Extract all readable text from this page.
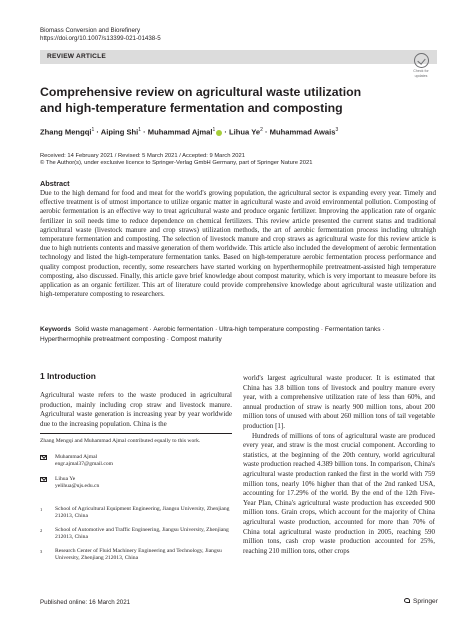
Biomass Conversion and Biorefinery
https://doi.org/10.1007/s13399-021-01438-5
REVIEW ARTICLE
Check for
updates
Comprehensive review on agricultural waste utilization
and high-temperature fermentation and composting
Zhang Mengqi$^1$ · Aiping Shi$^1$ · Muhammad Ajmal$^1$ · Lihua $Ye^2$ · Muhammad Awais$^3$
Received: 14 February 2021 / Revised: 5 March 2021 / Accepted: 9 March 2021
© The Author(s), under exclusive licence to Springer-Verlag GmbH Germany, part of Springer Nature 2021
Abstract
Due to the high demand for food and meat for the world's growing population, the agricultural sector is expanding every year. Timely and effective treatment is of utmost importance to utilize organic matter in agricultural waste and avoid environmental pollution. Composting of aerobic fermentation is an effective way to treat agricultural waste and produce organic fertilizer. Improving the application rate of organic fertilizer in soil needs time to reduce dependence on chemical fertilizers. This review article presented the current status and traditional agricultural waste (livestock manure and crop straws) utilization methods, the art of aerobic fermentation process including ultrahigh temperature fermentation and composting. The selection of livestock manure and crop straws as agricultural waste for this review article is due to high nutrients contents and massive generation of them worldwide. This article also included the development of aerobic fermentation technology and listed the high-temperature fermentation tanks. Based on high-temperature aerobic fermentation process performance and quality compost production, recently, some researchers have started working on hyperthermophile pretreatment-assisted high temperature composting, also discussed. Finally, this article gave brief knowledge about compost maturity, which is very important to measure before its application as an organic fertilizer. This art of literature could provide comprehensive knowledge about agricultural waste utilization and high-temperature composting to researchers.
Keywords Solid waste management · Aerobic fermentation · Ultra-high temperature composting · Fermentation tanks · Hyperthermophile pretreatment composting · Compost maturity
1 Introduction
Agricultural waste refers to the waste produced in agricultural production, mainly including crop straw and livestock manure. Agricultural waste generation is increasing year by year worldwide due to the increasing population. China is the
Zhang Mengqi and Muhammad Ajmal contributed equally to this work.
Muhammad Ajmal
engr.ajmal37@gmail.com
Lihua Ye
yelihua@ujs.edu.cn
1 School of Agricultural Equipment Engineering, Jiangsu University, Zhenjiang 212013, China
2 School of Automotive and Traffic Engineering, Jiangsu University, Zhenjiang 212013, China
3 Research Center of Fluid Machinery Engineering and Technology, Jiangsu University, Zhenjiang 212013, China

world's largest agricultural waste producer. It is estimated that China has 3.8 billion tons of livestock and poultry manure every year, with a comprehensive utilization rate of less than 60%, and annual production of straw is nearly 900 million tons, about 200 million tons of unused with about 260 million tons of tail vegetable production [1].

Hundreds of millions of tons of agricultural waste are produced every year, and straw is the most crucial component. According to statistics, at the beginning of the 20th century, world agricultural waste production reached 4.389 billion tons. In comparison, China's agricultural waste production ranked the first in the world with 759 million tons, nearly 10% higher than that of the 2nd ranked USA, accounting for 17.29% of the world. By the end of the 12th Five-Year Plan, China's agricultural waste production has exceeded 900 million tons. Grain crops, which account for the majority of China agricultural waste production, accounted for more than 70% of China total agricultural waste production in 2005, reaching 590 million tons, cash crop waste production accounted for 25%, reaching 210 million tons, other crops

Published online: 16 March 2021	Springer
